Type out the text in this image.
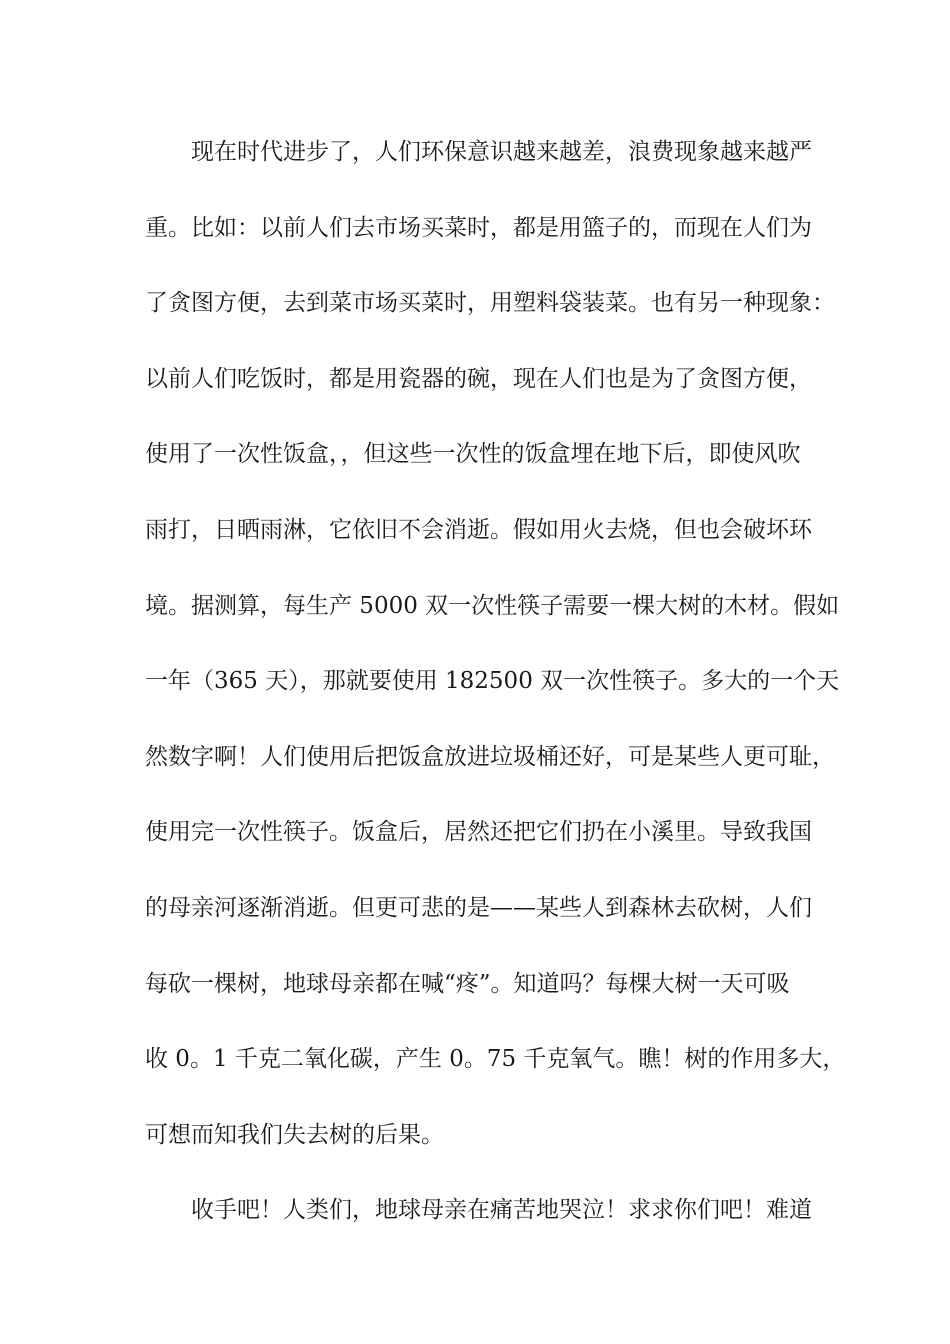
现在时代进步了，人们环保意识越来越差，浪费现象越来越严
重。比如：以前人们去市场买菜时，都是用篮子的，而现在人们为
了贪图方便，去到菜市场买菜时，用塑料袋装菜。也有另一种现象：
以前人们吃饭时，都是用瓷器的碗，现在人们也是为了贪图方便，
使用了一次性饭盒，，但这些一次性的饭盒埋在地下后，即使风吹
雨打，日晒雨淋，它依旧不会消逝。假如用火去烧，但也会破坏环
境。据测算，每生产 5000 双一次性筷子需要一棵大树的木材。假如
一年（365 天），那就要使用 182500 双一次性筷子。多大的一个天
然数字啊！人们使用后把饭盒放进垃圾桶还好，可是某些人更可耻，
使用完一次性筷子。饭盒后，居然还把它们扔在小溪里。导致我国
的母亲河逐渐消逝。但更可悲的是——某些人到森林去砍树，人们
每砍一棵树，地球母亲都在喊“疼”。知道吗？每棵大树一天可吸
收 0。1 千克二氧化碳，产生 0。75 千克氧气。瞧！树的作用多大，
可想而知我们失去树的后果。
收手吧！人类们，地球母亲在痛苦地哭泣！求求你们吧！难道
